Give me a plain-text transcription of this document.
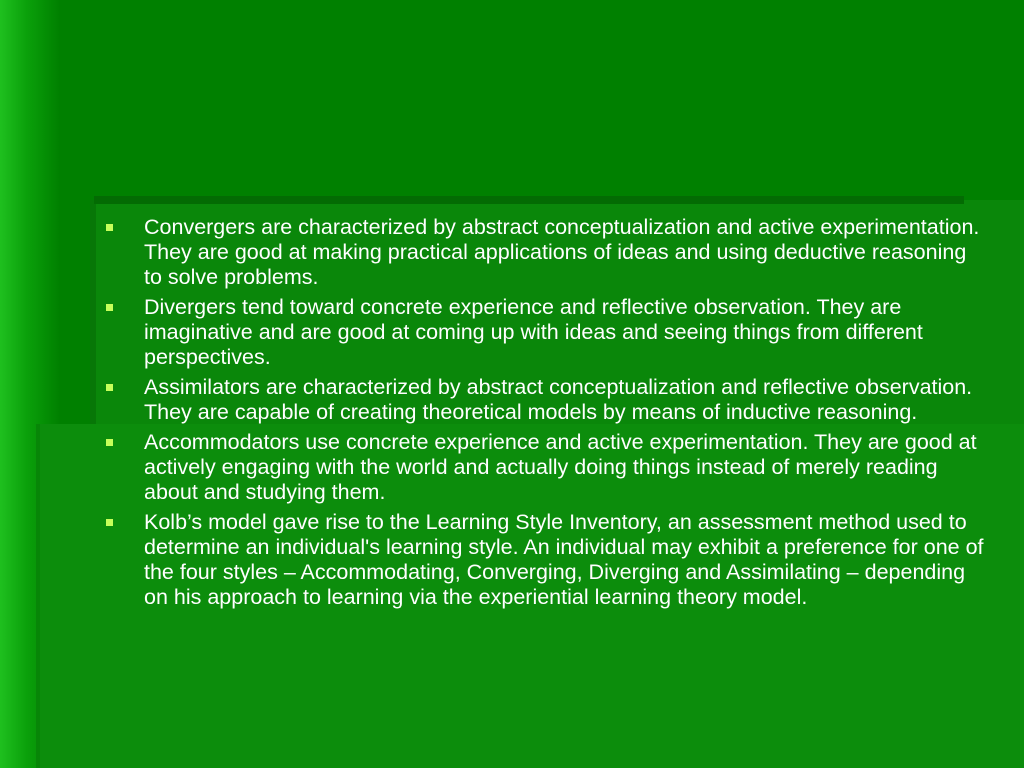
Convergers are characterized by abstract conceptualization and active experimentation. They are good at making practical applications of ideas and using deductive reasoning to solve problems.
Divergers tend toward concrete experience and reflective observation. They are imaginative and are good at coming up with ideas and seeing things from different perspectives.
Assimilators are characterized by abstract conceptualization and reflective observation. They are capable of creating theoretical models by means of inductive reasoning.
Accommodators use concrete experience and active experimentation. They are good at actively engaging with the world and actually doing things instead of merely reading about and studying them.
Kolb’s model gave rise to the Learning Style Inventory, an assessment method used to determine an individual's learning style. An individual may exhibit a preference for one of the four styles – Accommodating, Converging, Diverging and Assimilating – depending on his approach to learning via the experiential learning theory model.
